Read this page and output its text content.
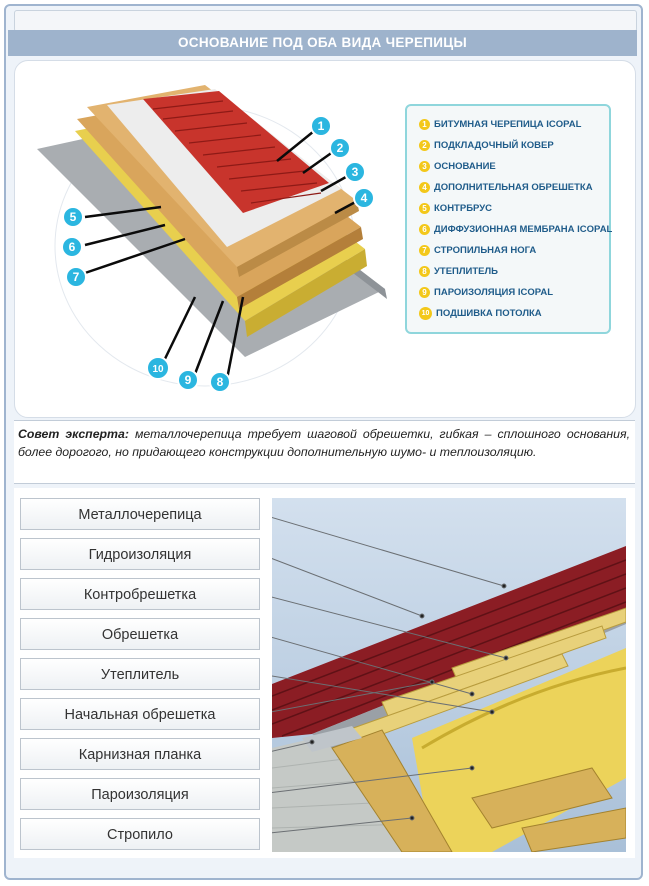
ОСНОВАНИЕ ПОД ОБА ВИДА ЧЕРЕПИЦЫ
1
2
3
4
5
6
7
8
9
10
1 БИТУМНАЯ ЧЕРЕПИЦА ICOPAL
2 ПОДКЛАДОЧНЫЙ КОВЕР
3 ОСНОВАНИЕ
4 ДОПОЛНИТЕЛЬНАЯ ОБРЕШЕТКА
5 КОНТРБРУС
6 ДИФФУЗИОННАЯ МЕМБРАНА ICOPAL
7 СТРОПИЛЬНАЯ НОГА
8 УТЕПЛИТЕЛЬ
9 ПАРОИЗОЛЯЦИЯ ICOPAL
10 ПОДШИВКА ПОТОЛКА
Совет эксперта: металлочерепица требует шаговой обрешетки, гибкая – сплошного основания, более дорогого, но придающего конструкции дополнительную шумо- и теплоизоляцию.
Металлочерепица
Гидроизоляция
Контробрешетка
Обрешетка
Утеплитель
Начальная обрешетка
Карнизная планка
Пароизоляция
Стропило
